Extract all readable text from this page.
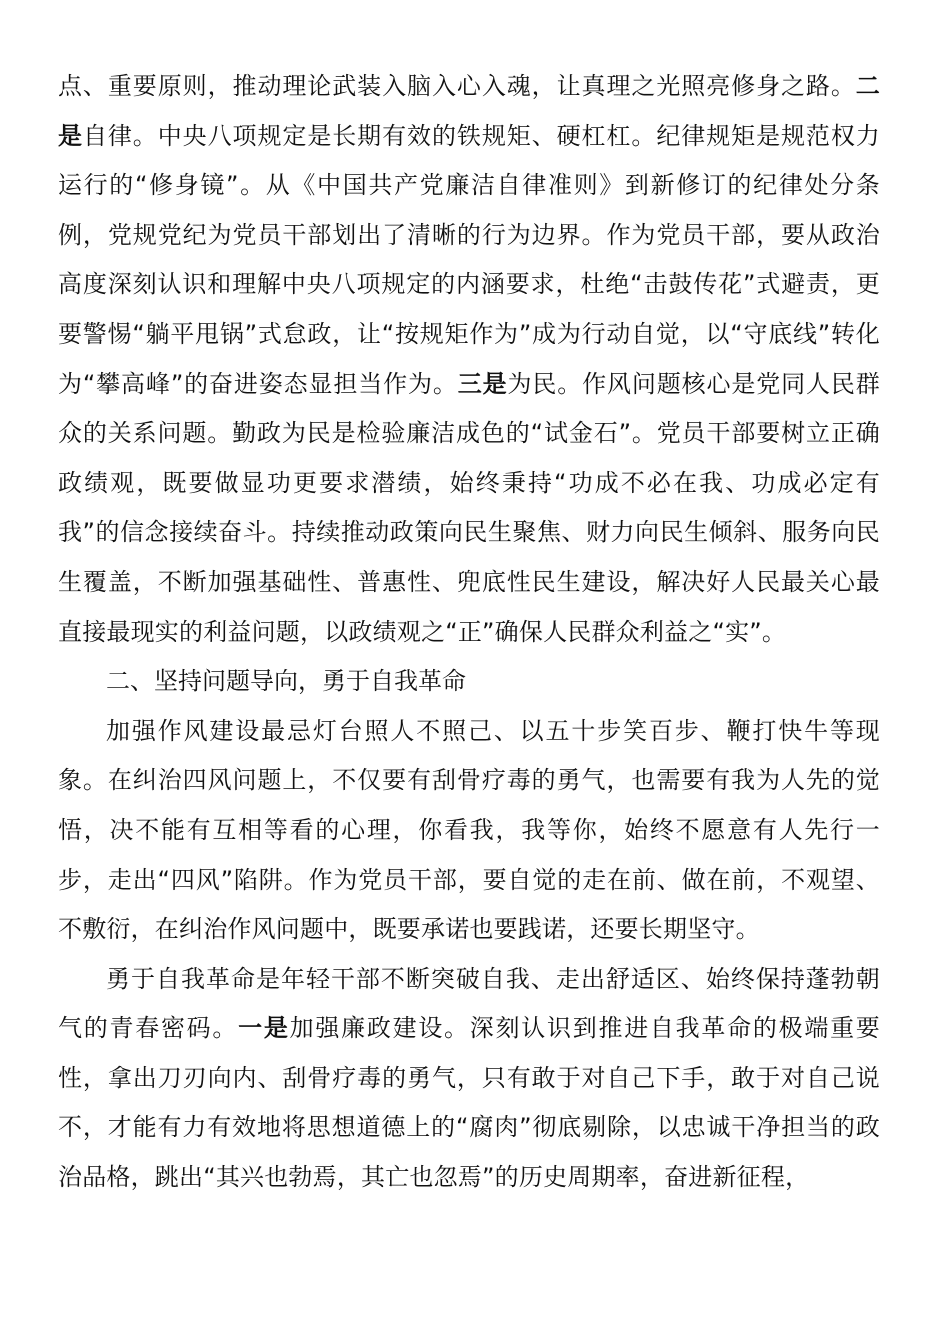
点、重要原则，推动理论武装入脑入心入魂，让真理之光照亮修身之路。二是自律。中央八项规定是长期有效的铁规矩、硬杠杠。纪律规矩是规范权力运行的“修身镜”。从《中国共产党廉洁自律准则》到新修订的纪律处分条例，党规党纪为党员干部划出了清晰的行为边界。作为党员干部，要从政治高度深刻认识和理解中央八项规定的内涵要求，杜绝“击鼓传花”式避责，更要警惕“躺平甩锅”式怠政，让“按规矩作为”成为行动自觉，以“守底线”转化为“攀高峰”的奋进姿态显担当作为。三是为民。作风问题核心是党同人民群众的关系问题。勤政为民是检验廉洁成色的“试金石”。党员干部要树立正确政绩观，既要做显功更要求潜绩，始终秉持“功成不必在我、功成必定有我”的信念接续奋斗。持续推动政策向民生聚焦、财力向民生倾斜、服务向民生覆盖，不断加强基础性、普惠性、兜底性民生建设，解决好人民最关心最直接最现实的利益问题，以政绩观之“正”确保人民群众利益之“实”。

二、坚持问题导向，勇于自我革命

加强作风建设最忌灯台照人不照己、以五十步笑百步、鞭打快牛等现象。在纠治四风问题上，不仅要有刮骨疗毒的勇气，也需要有我为人先的觉悟，决不能有互相等看的心理，你看我，我等你，始终不愿意有人先行一步，走出“四风”陷阱。作为党员干部，要自觉的走在前、做在前，不观望、不敷衍，在纠治作风问题中，既要承诺也要践诺，还要长期坚守。

勇于自我革命是年轻干部不断突破自我、走出舒适区、始终保持蓬勃朝气的青春密码。一是加强廉政建设。深刻认识到推进自我革命的极端重要性，拿出刀刃向内、刮骨疗毒的勇气，只有敢于对自己下手，敢于对自己说不，才能有力有效地将思想道德上的“腐肉”彻底剔除，以忠诚干净担当的政治品格，跳出“其兴也勃焉，其亡也忽焉”的历史周期率，奋进新征程，
